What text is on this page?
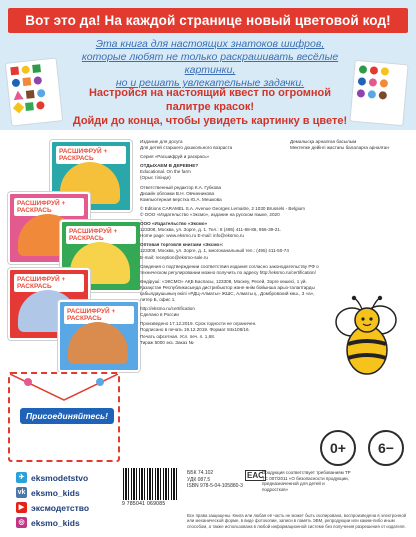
Вот это да! На каждой странице новый цветовой код!
Эта книга для настоящих знатоков шифров,
которые любят не только раскрашивать весёлые картинки,
но и решать увлекательные задачки.
Настройся на настоящий квест по огромной палитре красок!
Дойди до конца, чтобы увидеть картинку в цвете!
РАСШИФРУЙ + РАСКРАСЬ
РАСШИФРУЙ + РАСКРАСЬ
РАСШИФРУЙ + РАСКРАСЬ
РАСШИФРУЙ + РАСКРАСЬ
РАСШИФРУЙ + РАСКРАСЬ
Издание для досуга
Для детей старшего дошкольного возраста
Серия «Расшифруй и раскрась»
ОТДЫХАЕМ В ДЕРЕВНЕ?
Educational. On the farm
(Орыс тілінде)
Ответственный редактор К.А. Губкова
Дизайн обложки В.Н. Овчинникова
Компьютерная верстка Ю.А. Мешкова
© Editions CARAMEL S.A. Avenue Georges Lemaitre, 2 1030 Brussels - Belgium
© ООО «Издательство «Эксмо», издание на русском языке, 2020
ООО «Издательство «Эксмо»
123308, Москва, ул. Зорге, д. 1. Тел.: 8 (495) 411-68-86, 956-39-21.
Home page: www.eksmo.ru E-mail: info@eksmo.ru
Оптовая торговля книгами «Эксмо»:
123308, Москва, ул. Зорге, д. 1, многоканальный тел.: (495) 411-50-74
E-mail: reception@eksmo-sale.ru
Сведения о подтверждении соответствия издания согласно законодательству РФ о техническом регулировании можно получить по адресу http://eksmo.ru/certification/
Өндіруші: «ЭКСМО» АҚБ Баспасы, 123308, Мәскеу, Ресей, Зорге көшесі, 1 үй.
Қазақстан Республикасында дистрибьютор және өнім бойынша арыз-талаптарды қабылдаушының өкілі «РДЦ-Алматы» ЖШС, Алматы қ., Домбровский көш., 3 «а», литер Б, офис 1.
http://eksmo.ru/certification
Сделано в России
Произведено 17.12.2019. Срок годности не ограничен.
Подписано в печать 19.12.2019. Формат 84x108/16.
Печать офсетная. Усл. печ. л. 1,68.
Тираж 5000 экз. Заказ №
Демалысқа арналған басылым
Мектепке дейінгі жастағы балаларға арналған
Присоединяйтесь!
✈ eksmodetstvo
vk eksmo_kids
▶ эксмодетство
◎ eksmo_kids
9 785041 069085
ББК 74.102
УДК 087.5
ISBN 978-5-04-105880-3
EAC
Продукция соответствует требованиям ТР ТС 007/2011 «О безопасности продукции, предназначенной для детей и подростков»
0+	6−
Все права защищены. Книга или любая её часть не может быть скопирована, воспроизведена в электронной или механической форме, в виде фотокопии, записи в память ЭВМ, репродукции или каким-либо иным способом, а также использована в любой информационной системе без получения разрешения от издателя.
